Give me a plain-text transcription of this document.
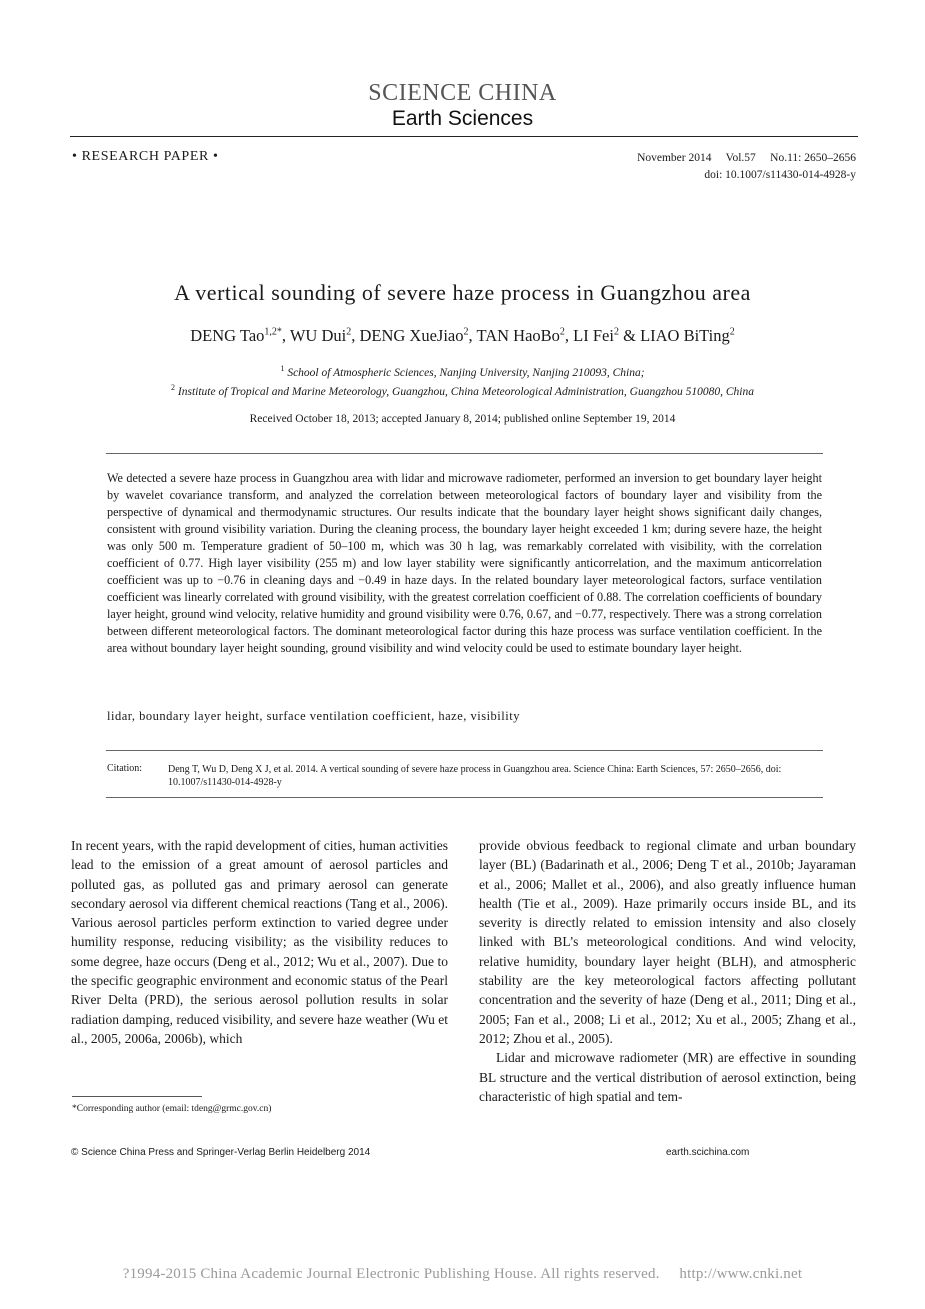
SCIENCE CHINA
Earth Sciences
• RESEARCH PAPER •	November 2014     Vol.57     No.11: 2650–2656
doi: 10.1007/s11430-014-4928-y
A vertical sounding of severe haze process in Guangzhou area
DENG Tao$^{1,2*}$, WU Dui$^2$, DENG XueJiao$^2$, TAN HaoBo$^2$, LI Fei$^2$ & LIAO BiTing$^2$
$^1$ School of Atmospheric Sciences, Nanjing University, Nanjing 210093, China;
$^2$ Institute of Tropical and Marine Meteorology, Guangzhou, China Meteorological Administration, Guangzhou 510080, China
Received October 18, 2013; accepted January 8, 2014; published online September 19, 2014
We detected a severe haze process in Guangzhou area with lidar and microwave radiometer, performed an inversion to get boundary layer height by wavelet covariance transform, and analyzed the correlation between meteorological factors of boundary layer and visibility from the perspective of dynamical and thermodynamic structures. Our results indicate that the boundary layer height shows significant daily changes, consistent with ground visibility variation. During the cleaning process, the boundary layer height exceeded 1 km; during severe haze, the height was only 500 m. Temperature gradient of 50–100 m, which was 30 h lag, was remarkably correlated with visibility, with the correlation coefficient of 0.77. High layer visibility (255 m) and low layer stability were significantly anticorrelation, and the maximum anticorrelation coefficient was up to −0.76 in cleaning days and −0.49 in haze days. In the related boundary layer meteorological factors, surface ventilation coefficient was linearly correlated with ground visibility, with the greatest correlation coefficient of 0.88. The correlation coefficients of boundary layer height, ground wind velocity, relative humidity and ground visibility were 0.76, 0.67, and −0.77, respectively. There was a strong correlation between different meteorological factors. The dominant meteorological factor during this haze process was surface ventilation coefficient. In the area without boundary layer height sounding, ground visibility and wind velocity could be used to estimate boundary layer height.
lidar, boundary layer height, surface ventilation coefficient, haze, visibility
Citation:	Deng T, Wu D, Deng X J, et al. 2014. A vertical sounding of severe haze process in Guangzhou area. Science China: Earth Sciences, 57: 2650–2656, doi: 10.1007/s11430-014-4928-y

In recent years, with the rapid development of cities, human activities lead to the emission of a great amount of aerosol particles and polluted gas, as polluted gas and primary aerosol can generate secondary aerosol via different chemical reactions (Tang et al., 2006). Various aerosol particles perform extinction to varied degree under humility response, reducing visibility; as the visibility reduces to some degree, haze occurs (Deng et al., 2012; Wu et al., 2007). Due to the specific geographic environment and economic status of the Pearl River Delta (PRD), the serious aerosol pollution results in solar radiation damping, reduced visibility, and severe haze weather (Wu et al., 2005, 2006a, 2006b), which

provide obvious feedback to regional climate and urban boundary layer (BL) (Badarinath et al., 2006; Deng T et al., 2010b; Jayaraman et al., 2006; Mallet et al., 2006), and also greatly influence human health (Tie et al., 2009). Haze primarily occurs inside BL, and its severity is directly related to emission intensity and also closely linked with BL’s meteorological conditions. And wind velocity, relative humidity, boundary layer height (BLH), and atmospheric stability are the key meteorological factors affecting pollutant concentration and the severity of haze (Deng et al., 2011; Ding et al., 2005; Fan et al., 2008; Li et al., 2012; Xu et al., 2005; Zhang et al., 2012; Zhou et al., 2005).

Lidar and microwave radiometer (MR) are effective in sounding BL structure and the vertical distribution of aerosol extinction, being characteristic of high spatial and tem-

*Corresponding author (email: tdeng@grmc.gov.cn)
© Science China Press and Springer-Verlag Berlin Heidelberg 2014	earth.scichina.com
?1994-2015 China Academic Journal Electronic Publishing House. All rights reserved.     http://www.cnki.net
